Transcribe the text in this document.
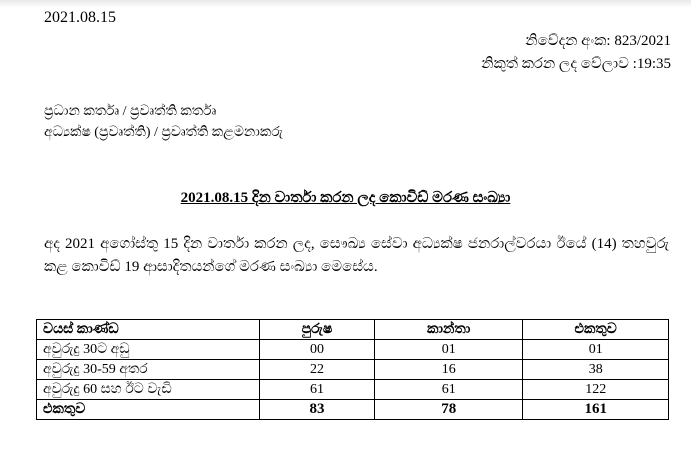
2021.08.15
නිවේදන අංක: 823/2021
නිකුත් කරන ලද වේලාව :19:35
ප්‍රධාන කර්තෘ / ප්‍රවෘත්ති කර්තෘ
අධ්‍යක්ෂ (ප්‍රවෘත්ති) / ප්‍රවෘත්ති කළමනාකරු
2021.08.15 දින වාර්තා කරන ලද කොවිඩ් මරණ සංඛ්‍යා
අද 2021 අගෝස්තු 15 දින වාර්තා කරන ලද, සෞඛ්‍ය සේවා අධ්‍යක්ෂ ජනරාල්වරයා ඊයේ (14) තහවුරු කළ කොවිඩ් 19 ආසාදිතයන්ගේ මරණ සංඛ්‍යා මෙසේය.
වයස් කාණ්ඩ	පුරුෂ	කාන්තා	එකතුව
අවුරුදු 30ට අඩු	00	01	01
අවුරුදු 30-59 අතර	22	16	38
අවුරුදු 60 සහ ඊට වැඩි	61	61	122
එකතුව	83	78	161
